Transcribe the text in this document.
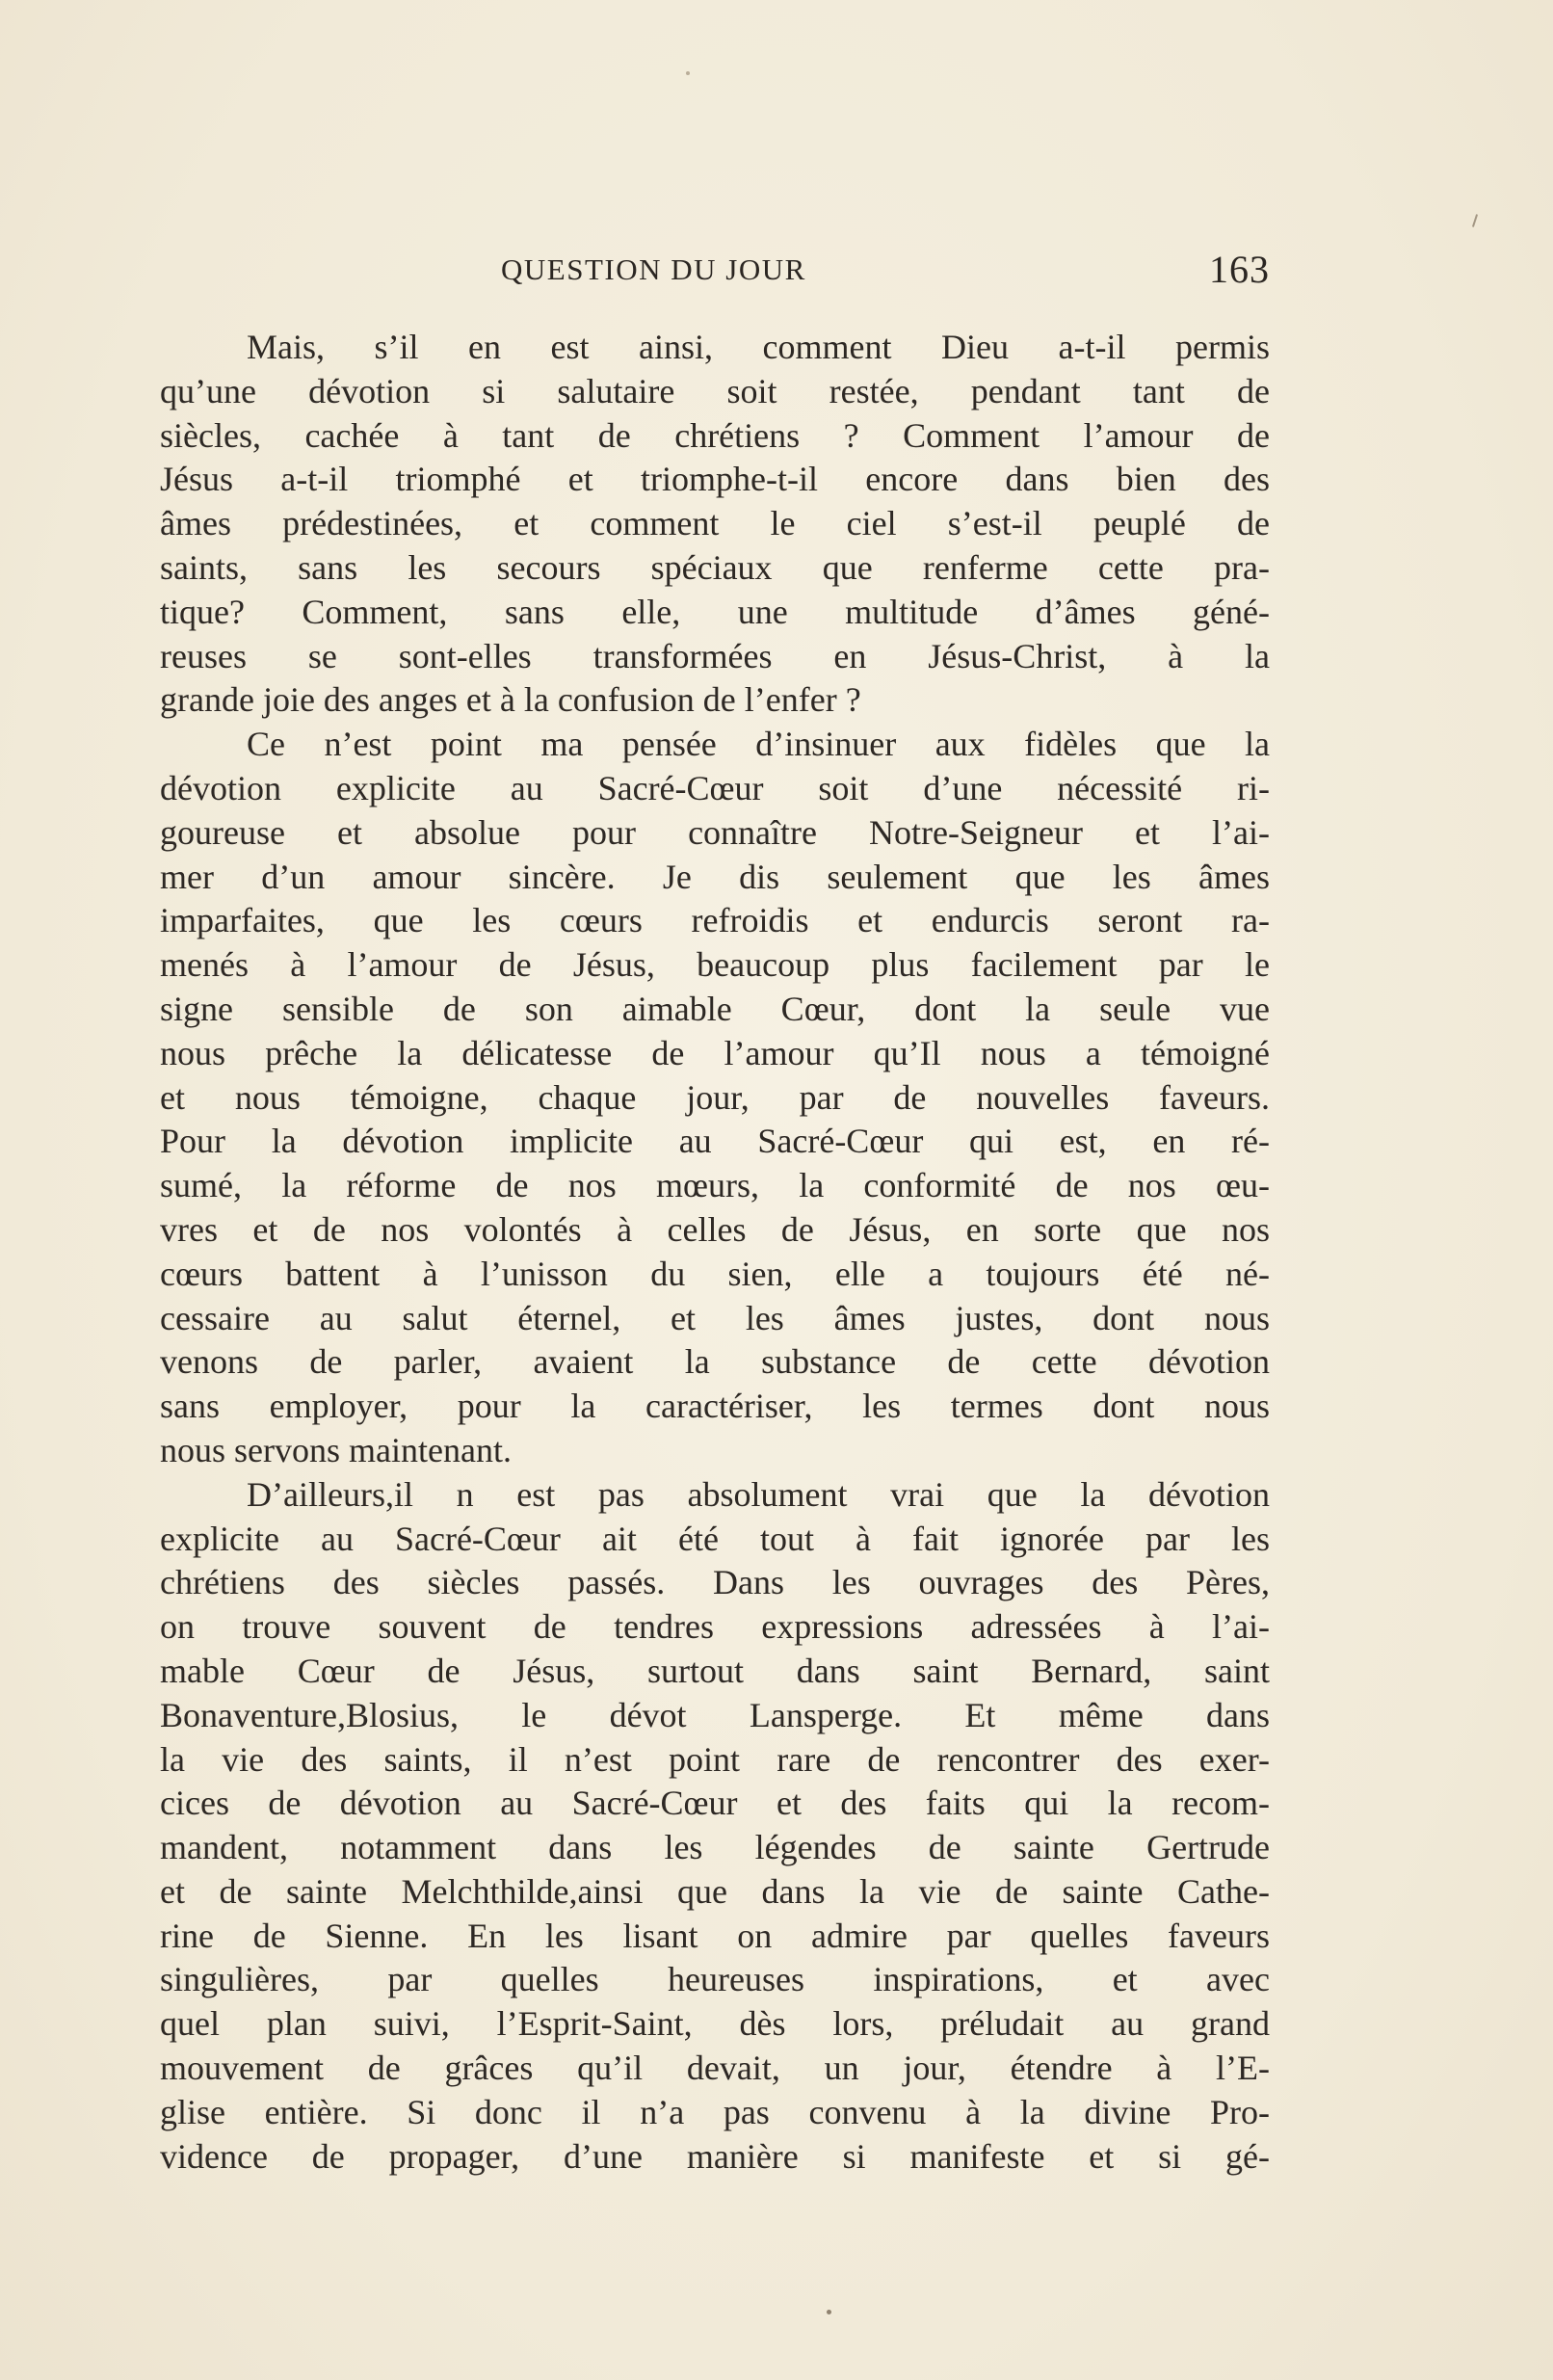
QUESTION DU JOUR	163
Mais, s’il en est ainsi, comment Dieu a-t-il permis
qu’une dévotion si salutaire soit restée, pendant tant de
siècles, cachée à tant de chrétiens ? Comment l’amour de
Jésus a-t-il triomphé et triomphe-t-il encore dans bien des
âmes prédestinées, et comment le ciel s’est-il peuplé de
saints, sans les secours spéciaux que renferme cette pra-
tique? Comment, sans elle, une multitude d’âmes géné-
reuses se sont-elles transformées en Jésus-Christ, à la
grande joie des anges et à la confusion de l’enfer ?
Ce n’est point ma pensée d’insinuer aux fidèles que la
dévotion explicite au Sacré-Cœur soit d’une nécessité ri-
goureuse et absolue pour connaître Notre-Seigneur et l’ai-
mer d’un amour sincère. Je dis seulement que les âmes
imparfaites, que les cœurs refroidis et endurcis seront ra-
menés à l’amour de Jésus, beaucoup plus facilement par le
signe sensible de son aimable Cœur, dont la seule vue
nous prêche la délicatesse de l’amour qu’Il nous a témoigné
et nous témoigne, chaque jour, par de nouvelles faveurs.
Pour la dévotion implicite au Sacré-Cœur qui est, en ré-
sumé, la réforme de nos mœurs, la conformité de nos œu-
vres et de nos volontés à celles de Jésus, en sorte que nos
cœurs battent à l’unisson du sien, elle a toujours été né-
cessaire au salut éternel, et les âmes justes, dont nous
venons de parler, avaient la substance de cette dévotion
sans employer, pour la caractériser, les termes dont nous
nous servons maintenant.
D’ailleurs,il n est pas absolument vrai que la dévotion
explicite au Sacré-Cœur ait été tout à fait ignorée par les
chrétiens des siècles passés. Dans les ouvrages des Pères,
on trouve souvent de tendres expressions adressées à l’ai-
mable Cœur de Jésus, surtout dans saint Bernard, saint
Bonaventure,Blosius, le dévot Lansperge. Et même dans
la vie des saints, il n’est point rare de rencontrer des exer-
cices de dévotion au Sacré-Cœur et des faits qui la recom-
mandent, notamment dans les légendes de sainte Gertrude
et de sainte Melchthilde,ainsi que dans la vie de sainte Cathe-
rine de Sienne. En les lisant on admire par quelles faveurs
singulières, par quelles heureuses inspirations, et avec
quel plan suivi, l’Esprit-Saint, dès lors, préludait au grand
mouvement de grâces qu’il devait, un jour, étendre à l’E-
glise entière. Si donc il n’a pas convenu à la divine Pro-
vidence de propager, d’une manière si manifeste et si gé-
